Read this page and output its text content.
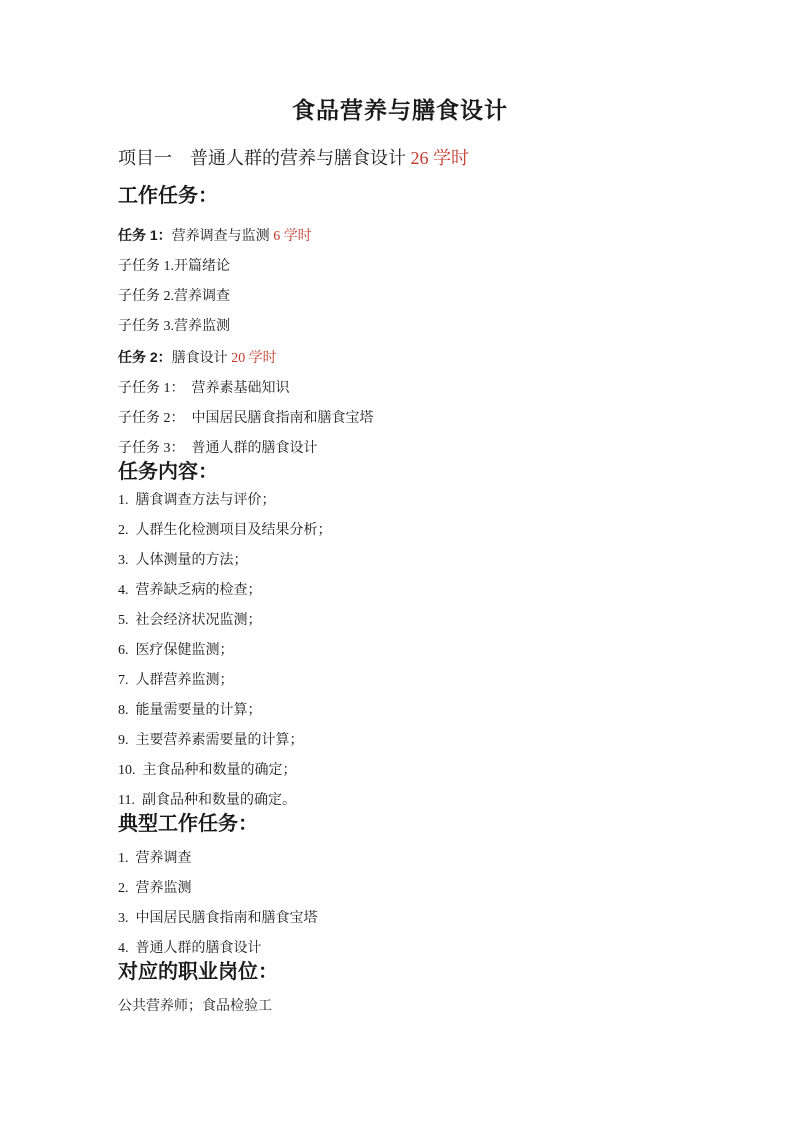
食品营养与膳食设计
项目一　普通人群的营养与膳食设计 26 学时
工作任务：
任务 1：营养调查与监测 6 学时
子任务 1.开篇绪论
子任务 2.营养调查
子任务 3.营养监测
任务 2：膳食设计 20 学时
子任务 1：  营养素基础知识
子任务 2：  中国居民膳食指南和膳食宝塔
子任务 3：  普通人群的膳食设计
任务内容：
1.  膳食调查方法与评价；
2.  人群生化检测项目及结果分析；
3.  人体测量的方法；
4.  营养缺乏病的检查；
5.  社会经济状况监测；
6.  医疗保健监测；
7.  人群营养监测；
8.  能量需要量的计算；
9.  主要营养素需要量的计算；
10.  主食品种和数量的确定；
11.  副食品种和数量的确定。
典型工作任务：
1.  营养调查
2.  营养监测
3.  中国居民膳食指南和膳食宝塔
4.  普通人群的膳食设计
对应的职业岗位：
公共营养师；食品检验工
